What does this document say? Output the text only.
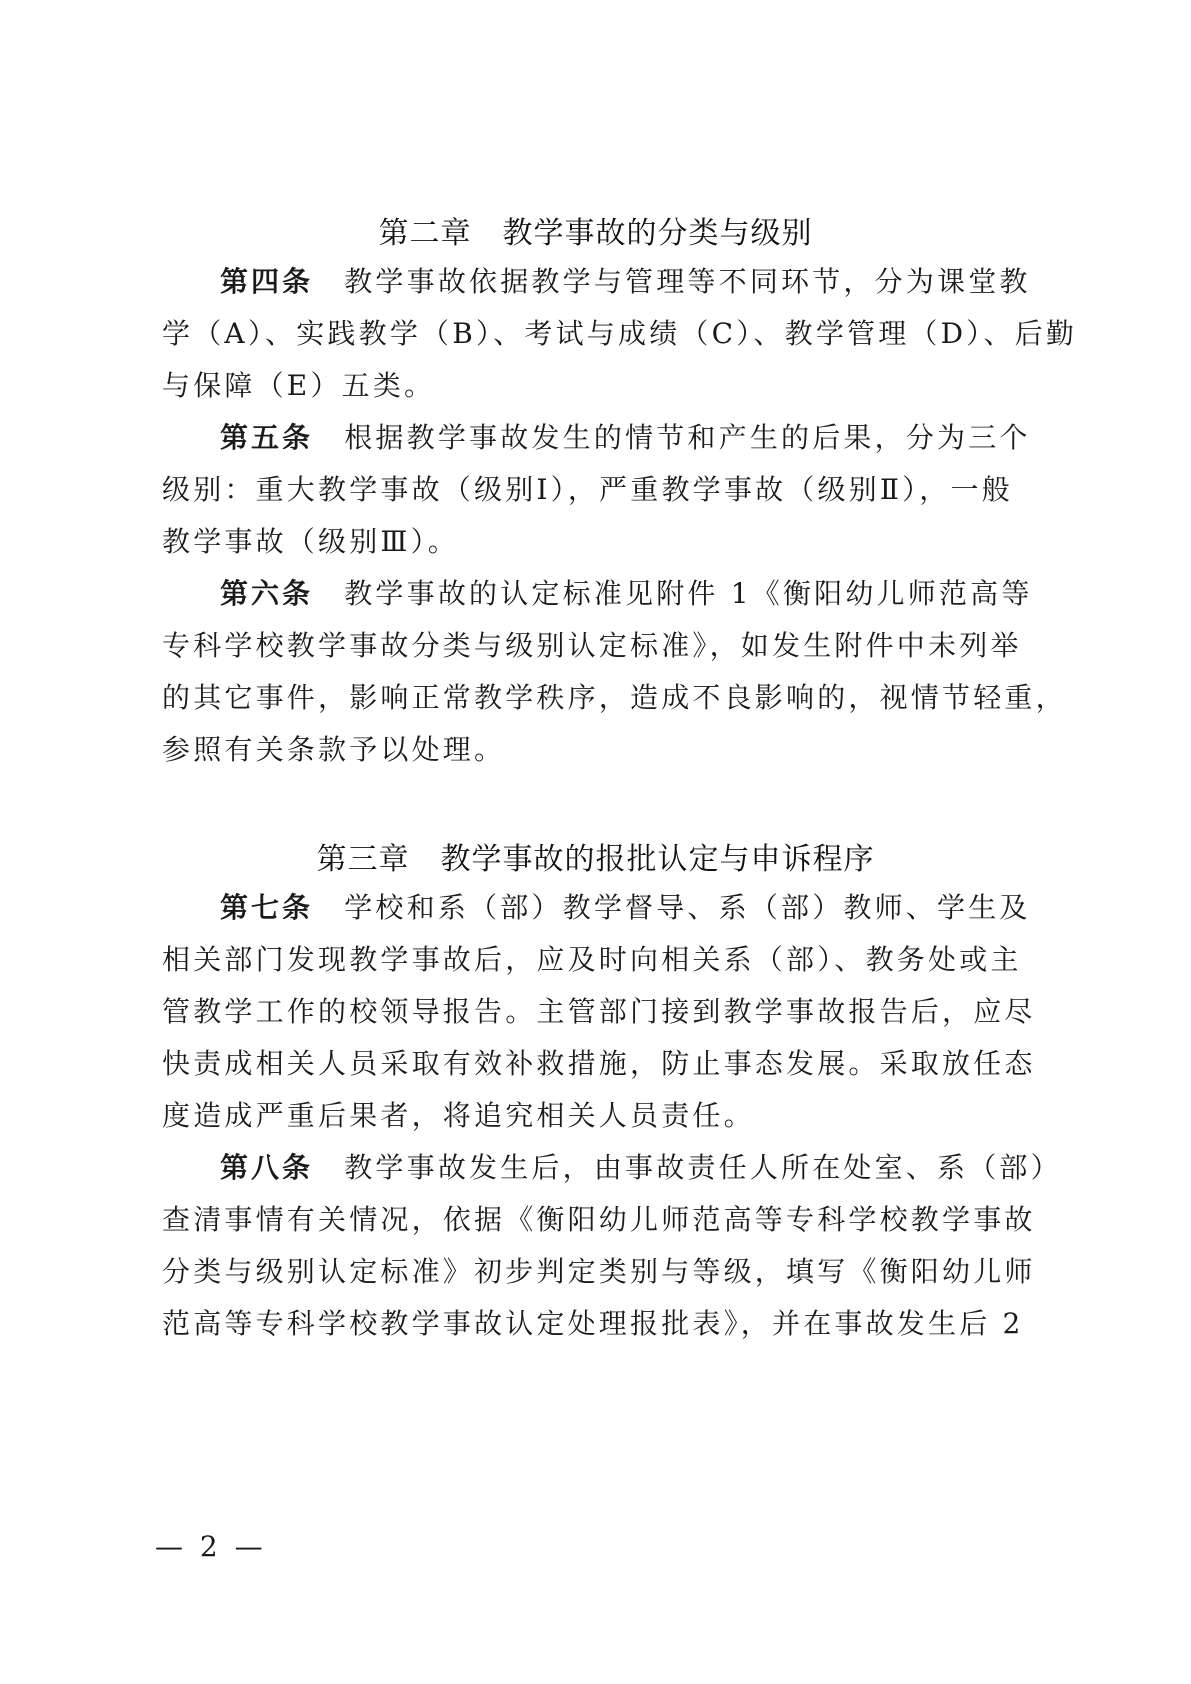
第二章　教学事故的分类与级别
第四条　教学事故依据教学与管理等不同环节，分为课堂教
学（A）、实践教学（B）、考试与成绩（C）、教学管理（D）、后勤
与保障（E）五类。
第五条　根据教学事故发生的情节和产生的后果，分为三个
级别：重大教学事故（级别Ⅰ），严重教学事故（级别Ⅱ），一般
教学事故（级别Ⅲ）。
第六条　教学事故的认定标准见附件 1《衡阳幼儿师范高等
专科学校教学事故分类与级别认定标准》，如发生附件中未列举
的其它事件，影响正常教学秩序，造成不良影响的，视情节轻重，
参照有关条款予以处理。
第三章　教学事故的报批认定与申诉程序
第七条　学校和系（部）教学督导、系（部）教师、学生及
相关部门发现教学事故后，应及时向相关系（部）、教务处或主
管教学工作的校领导报告。主管部门接到教学事故报告后，应尽
快责成相关人员采取有效补救措施，防止事态发展。采取放任态
度造成严重后果者，将追究相关人员责任。
第八条　教学事故发生后，由事故责任人所在处室、系（部）
查清事情有关情况，依据《衡阳幼儿师范高等专科学校教学事故
分类与级别认定标准》初步判定类别与等级，填写《衡阳幼儿师
范高等专科学校教学事故认定处理报批表》，并在事故发生后 2
— 2 —
